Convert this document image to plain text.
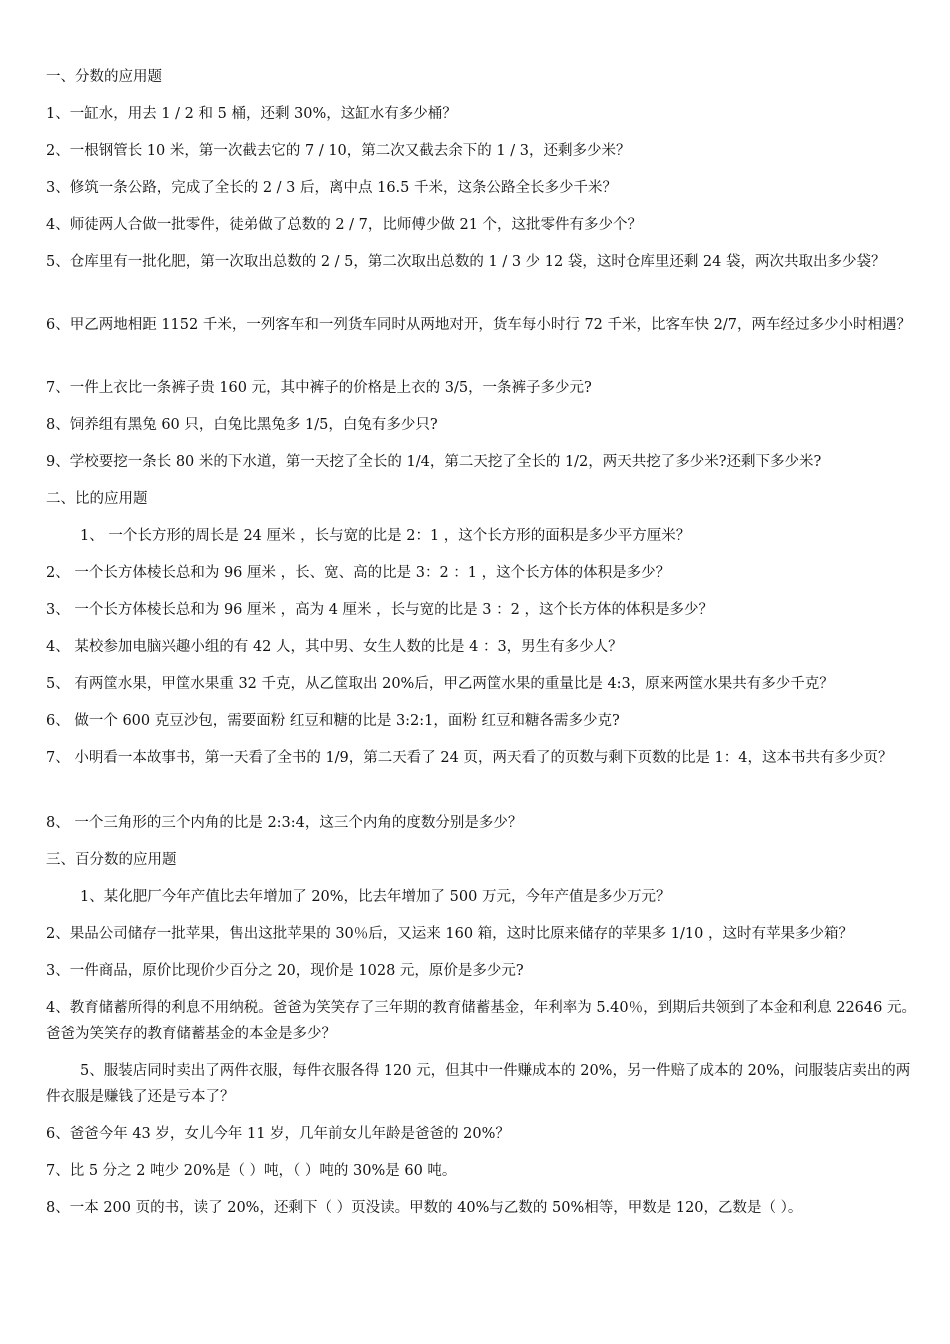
一、分数的应用题
1、一缸水，用去 1 / 2 和 5 桶，还剩 30%，这缸水有多少桶？
2、一根钢管长 10 米，第一次截去它的 7 / 10，第二次又截去余下的 1 / 3，还剩多少米？
3、修筑一条公路，完成了全长的 2 / 3 后，离中点 16.5 千米，这条公路全长多少千米？
4、师徒两人合做一批零件，徒弟做了总数的 2 / 7，比师傅少做 21 个，这批零件有多少个？
5、仓库里有一批化肥，第一次取出总数的 2 / 5，第二次取出总数的 1 / 3 少 12 袋，这时仓库里还剩 24 袋，两次共取出多少袋？
6、甲乙两地相距 1152 千米，一列客车和一列货车同时从两地对开，货车每小时行 72 千米，比客车快 2/7，两车经过多少小时相遇？
7、一件上衣比一条裤子贵 160 元，其中裤子的价格是上衣的 3/5，一条裤子多少元?
8、饲养组有黑兔 60 只，白兔比黑兔多 1/5，白兔有多少只?
9、学校要挖一条长 80 米的下水道，第一天挖了全长的 1/4，第二天挖了全长的 1/2，两天共挖了多少米?还剩下多少米?
二、比的应用题
1、 一个长方形的周长是 24 厘米 ，长与宽的比是 2：1 ，这个长方形的面积是多少平方厘米？
2、 一个长方体棱长总和为 96 厘米 ，长、宽、高的比是 3：2 ：1 ，这个长方体的体积是多少？
3、 一个长方体棱长总和为 96 厘米 ，高为 4 厘米 ，长与宽的比是 3 ：2 ，这个长方体的体积是多少？
4、 某校参加电脑兴趣小组的有 42 人，其中男、女生人数的比是 4 ：3，男生有多少人？
5、 有两筐水果，甲筐水果重 32 千克，从乙筐取出 20%后，甲乙两筐水果的重量比是 4:3，原来两筐水果共有多少千克？
6、 做一个 600 克豆沙包，需要面粉 红豆和糖的比是 3:2:1，面粉 红豆和糖各需多少克?
7、 小明看一本故事书，第一天看了全书的 1/9，第二天看了 24 页，两天看了的页数与剩下页数的比是 1：4，这本书共有多少页？
8、 一个三角形的三个内角的比是 2:3:4，这三个内角的度数分别是多少？
三、百分数的应用题
1、某化肥厂今年产值比去年增加了 20%，比去年增加了 500 万元，今年产值是多少万元？
2、果品公司储存一批苹果，售出这批苹果的 30％后，又运来 160 箱，这时比原来储存的苹果多 1/10 ，这时有苹果多少箱？
3、一件商品，原价比现价少百分之 20，现价是 1028 元，原价是多少元?
4、教育储蓄所得的利息不用纳税。爸爸为笑笑存了三年期的教育储蓄基金，年利率为 5.40％，到期后共领到了本金和利息 22646 元。爸爸为笑笑存的教育储蓄基金的本金是多少？
5、服装店同时卖出了两件衣服，每件衣服各得 120 元，但其中一件赚成本的 20%，另一件赔了成本的 20%，问服装店卖出的两件衣服是赚钱了还是亏本了？
6、爸爸今年 43 岁，女儿今年 11 岁，几年前女儿年龄是爸爸的 20%？
7、比 5 分之 2 吨少 20%是（ ）吨，（ ）吨的 30%是 60 吨。
8、一本 200 页的书，读了 20%，还剩下（ ）页没读。甲数的 40%与乙数的 50%相等，甲数是 120，乙数是（ ）。
